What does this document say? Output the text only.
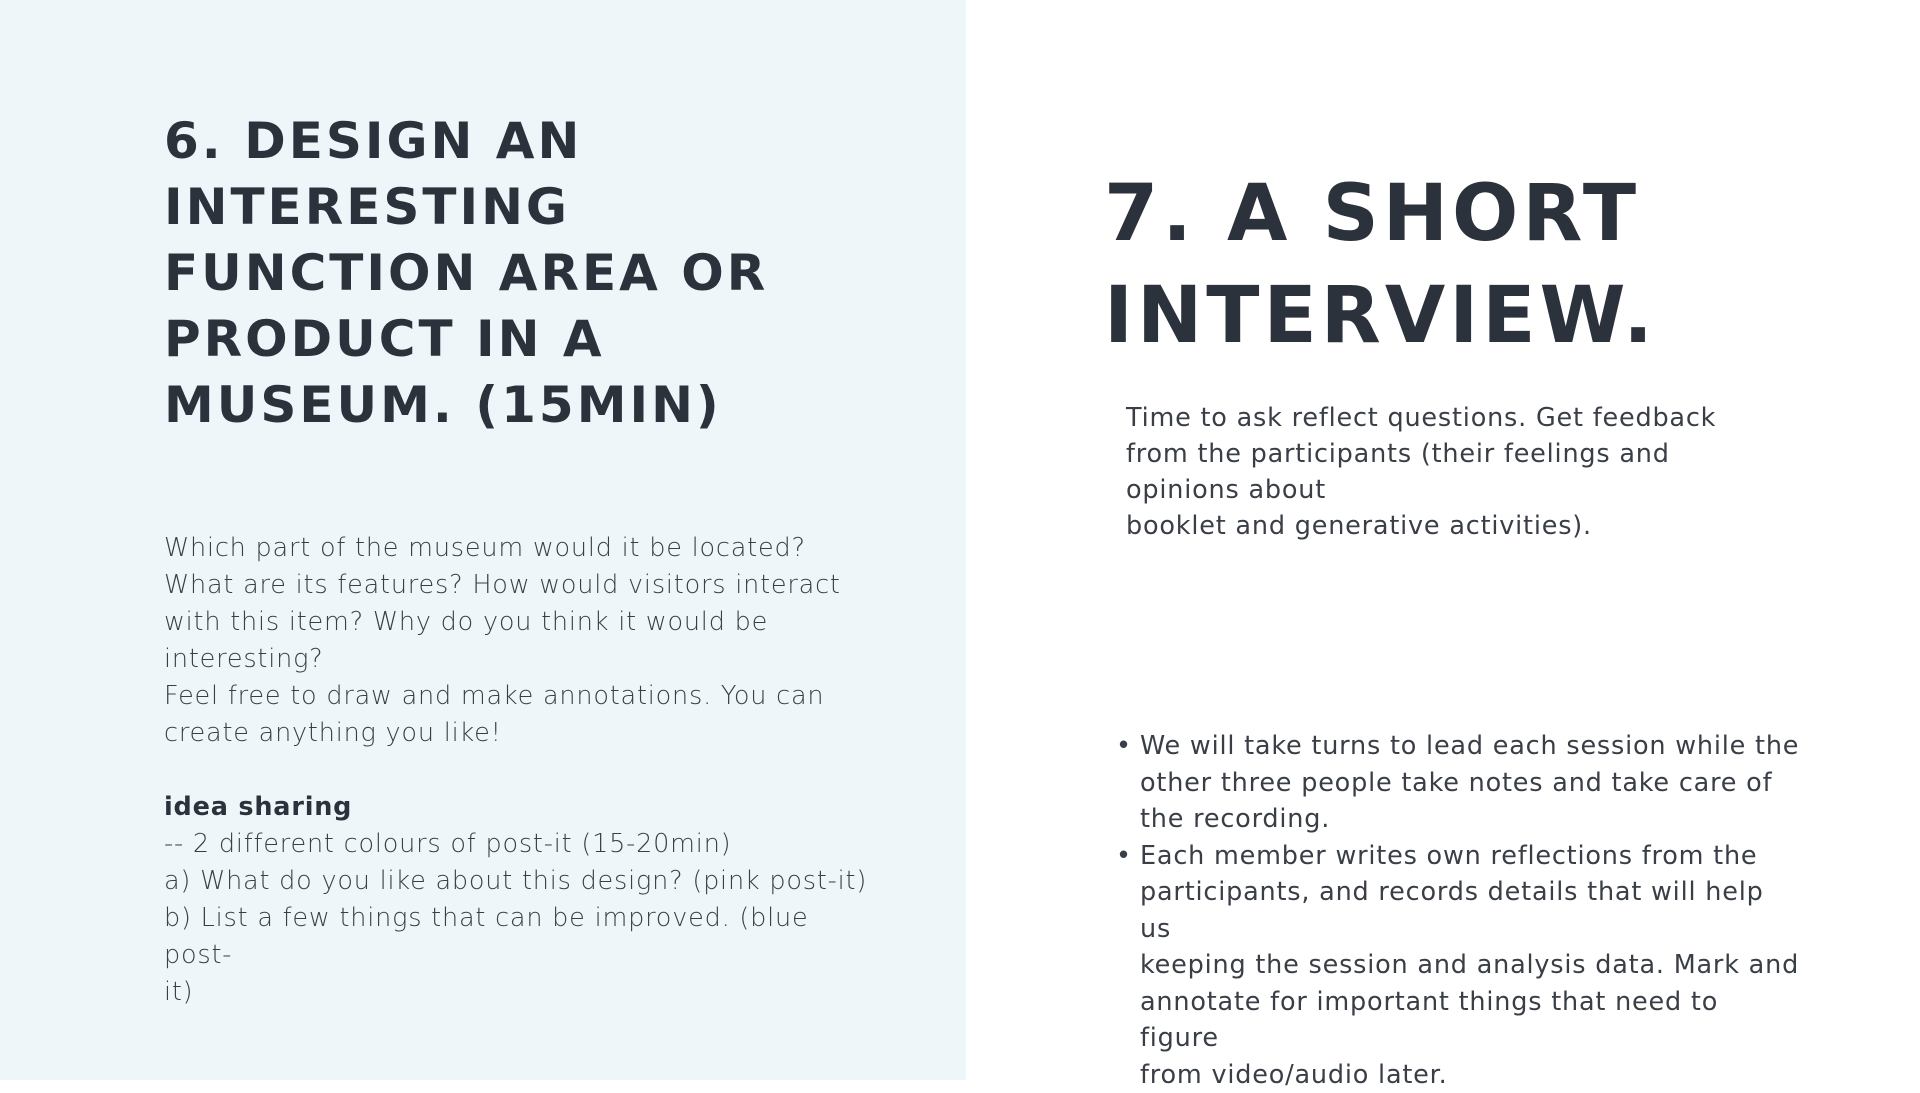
6. DESIGN AN
INTERESTING
FUNCTION AREA OR
PRODUCT IN A
MUSEUM. (15MIN)
Which part of the museum would it be located?
What are its features? How would visitors interact
with this item? Why do you think it would be
interesting?
Feel free to draw and make annotations. You can
create anything you like!
idea sharing
-- 2 different colours of post-it (15-20min)
a) What do you like about this design? (pink post-it)
b) List a few things that can be improved. (blue post-
it)
7. A SHORT
INTERVIEW.
Time to ask reflect questions. Get feedback
from the participants (their feelings and
opinions about
booklet and generative activities).
• We will take turns to lead each session while the
other three people take notes and take care of
the recording.
• Each member writes own reflections from the
participants, and records details that will help us
keeping the session and analysis data. Mark and
annotate for important things that need to figure
from video/audio later.
